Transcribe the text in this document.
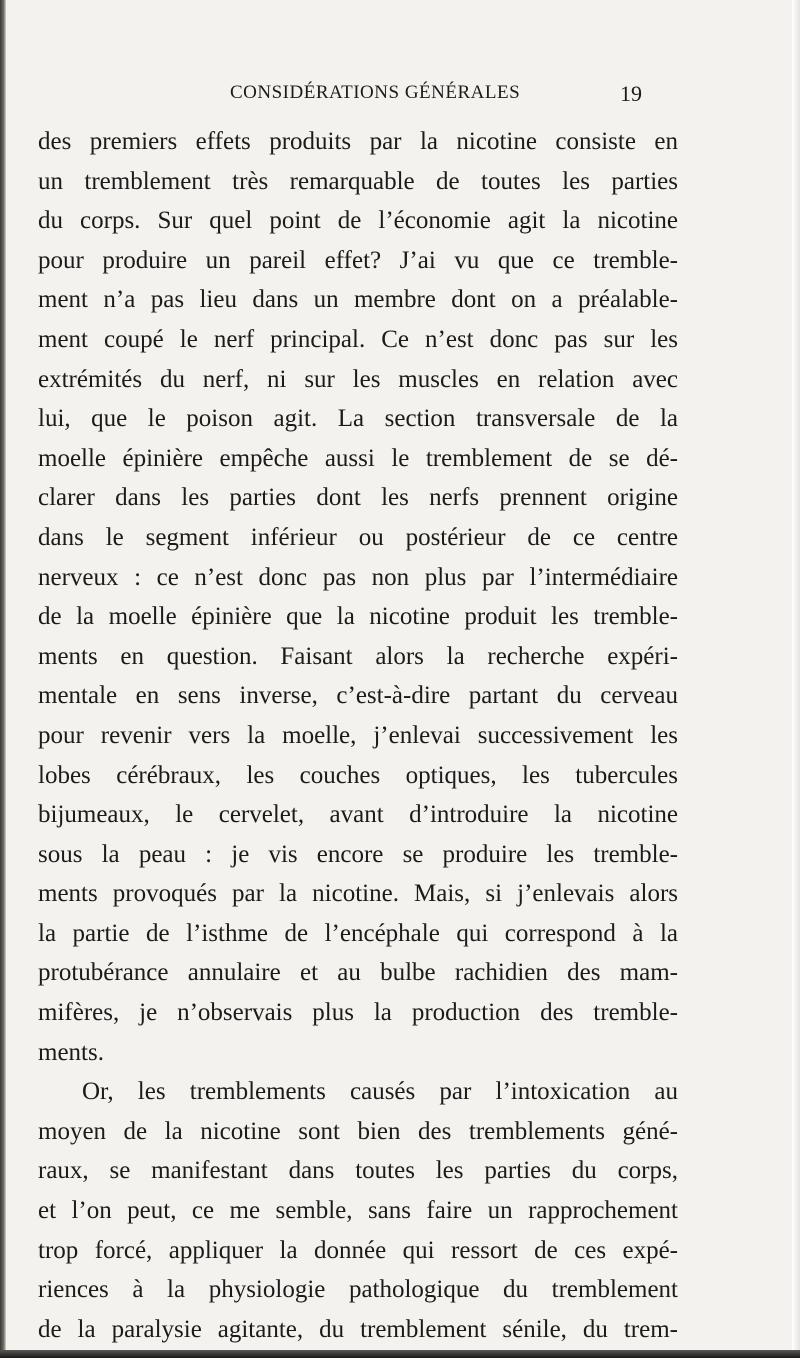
CONSIDÉRATIONS GÉNÉRALES	19
des premiers effets produits par la nicotine consiste en
un tremblement très remarquable de toutes les parties
du corps. Sur quel point de l’économie agit la nicotine
pour produire un pareil effet? J’ai vu que ce tremble-
ment n’a pas lieu dans un membre dont on a préalable-
ment coupé le nerf principal. Ce n’est donc pas sur les
extrémités du nerf, ni sur les muscles en relation avec
lui, que le poison agit. La section transversale de la
moelle épinière empêche aussi le tremblement de se dé-
clarer dans les parties dont les nerfs prennent origine
dans le segment inférieur ou postérieur de ce centre
nerveux : ce n’est donc pas non plus par l’intermédiaire
de la moelle épinière que la nicotine produit les tremble-
ments en question. Faisant alors la recherche expéri-
mentale en sens inverse, c’est-à-dire partant du cerveau
pour revenir vers la moelle, j’enlevai successivement les
lobes cérébraux, les couches optiques, les tubercules
bijumeaux, le cervelet, avant d’introduire la nicotine
sous la peau : je vis encore se produire les tremble-
ments provoqués par la nicotine. Mais, si j’enlevais alors
la partie de l’isthme de l’encéphale qui correspond à la
protubérance annulaire et au bulbe rachidien des mam-
mifères, je n’observais plus la production des tremble-
ments.
Or, les tremblements causés par l’intoxication au
moyen de la nicotine sont bien des tremblements géné-
raux, se manifestant dans toutes les parties du corps,
et l’on peut, ce me semble, sans faire un rapprochement
trop forcé, appliquer la donnée qui ressort de ces expé-
riences à la physiologie pathologique du tremblement
de la paralysie agitante, du tremblement sénile, du trem-
